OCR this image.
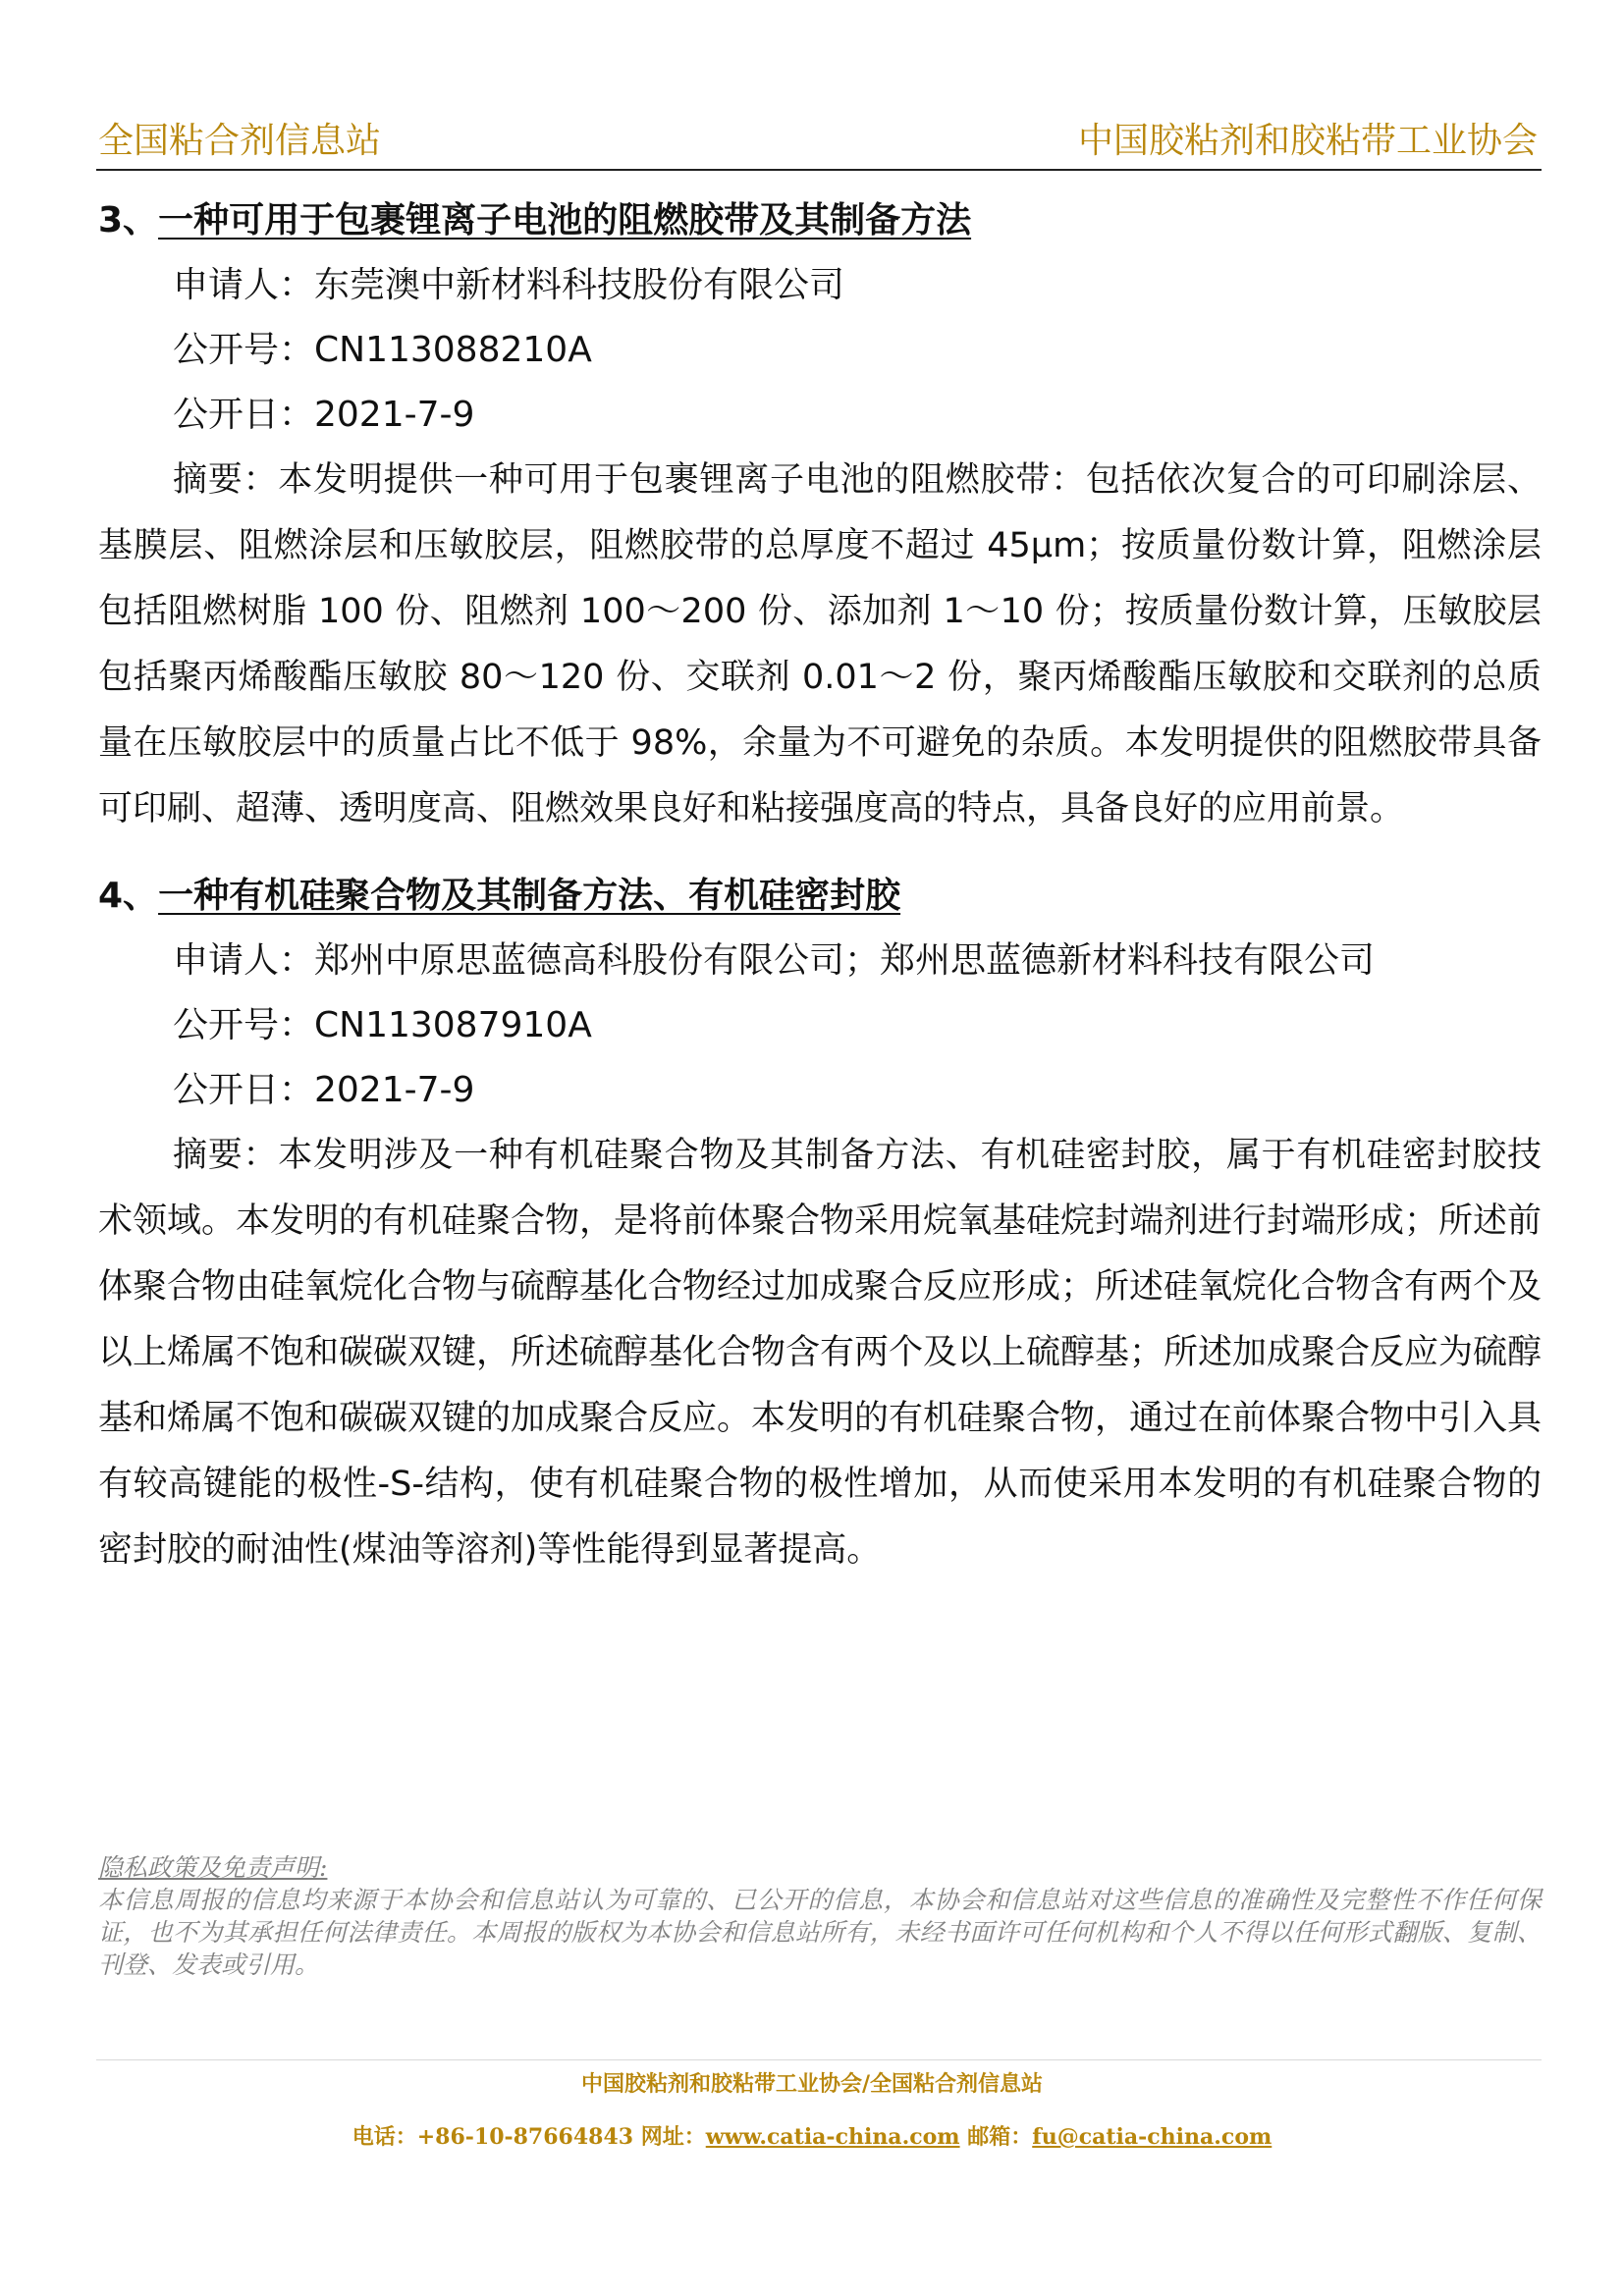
全国粘合剂信息站	中国胶粘剂和胶粘带工业协会
3、一种可用于包裹锂离子电池的阻燃胶带及其制备方法
申请人：东莞澳中新材料科技股份有限公司
公开号：CN113088210A
公开日：2021-7-9

摘要：本发明提供一种可用于包裹锂离子电池的阻燃胶带：包括依次复合的可印刷涂层、基膜层、阻燃涂层和压敏胶层，阻燃胶带的总厚度不超过 45μm；按质量份数计算，阻燃涂层包括阻燃树脂 100 份、阻燃剂 100～200 份、添加剂 1～10 份；按质量份数计算，压敏胶层包括聚丙烯酸酯压敏胶 80～120 份、交联剂 0.01～2 份，聚丙烯酸酯压敏胶和交联剂的总质量在压敏胶层中的质量占比不低于 98%，余量为不可避免的杂质。本发明提供的阻燃胶带具备可印刷、超薄、透明度高、阻燃效果良好和粘接强度高的特点，具备良好的应用前景。

4、一种有机硅聚合物及其制备方法、有机硅密封胶
申请人：郑州中原思蓝德高科股份有限公司；郑州思蓝德新材料科技有限公司
公开号：CN113087910A
公开日：2021-7-9

摘要：本发明涉及一种有机硅聚合物及其制备方法、有机硅密封胶，属于有机硅密封胶技术领域。本发明的有机硅聚合物，是将前体聚合物采用烷氧基硅烷封端剂进行封端形成；所述前体聚合物由硅氧烷化合物与硫醇基化合物经过加成聚合反应形成；所述硅氧烷化合物含有两个及以上烯属不饱和碳碳双键，所述硫醇基化合物含有两个及以上硫醇基；所述加成聚合反应为硫醇基和烯属不饱和碳碳双键的加成聚合反应。本发明的有机硅聚合物，通过在前体聚合物中引入具有较高键能的极性-S-结构，使有机硅聚合物的极性增加，从而使采用本发明的有机硅聚合物的密封胶的耐油性(煤油等溶剂)等性能得到显著提高。

隐私政策及免责声明:

本信息周报的信息均来源于本协会和信息站认为可靠的、已公开的信息，本协会和信息站对这些信息的准确性及完整性不作任何保证，也不为其承担任何法律责任。本周报的版权为本协会和信息站所有，未经书面许可任何机构和个人不得以任何形式翻版、复制、刊登、发表或引用。

中国胶粘剂和胶粘带工业协会/全国粘合剂信息站
电话：+86-10-87664843 网址：www.catia-china.com 邮箱：fu@catia-china.com
